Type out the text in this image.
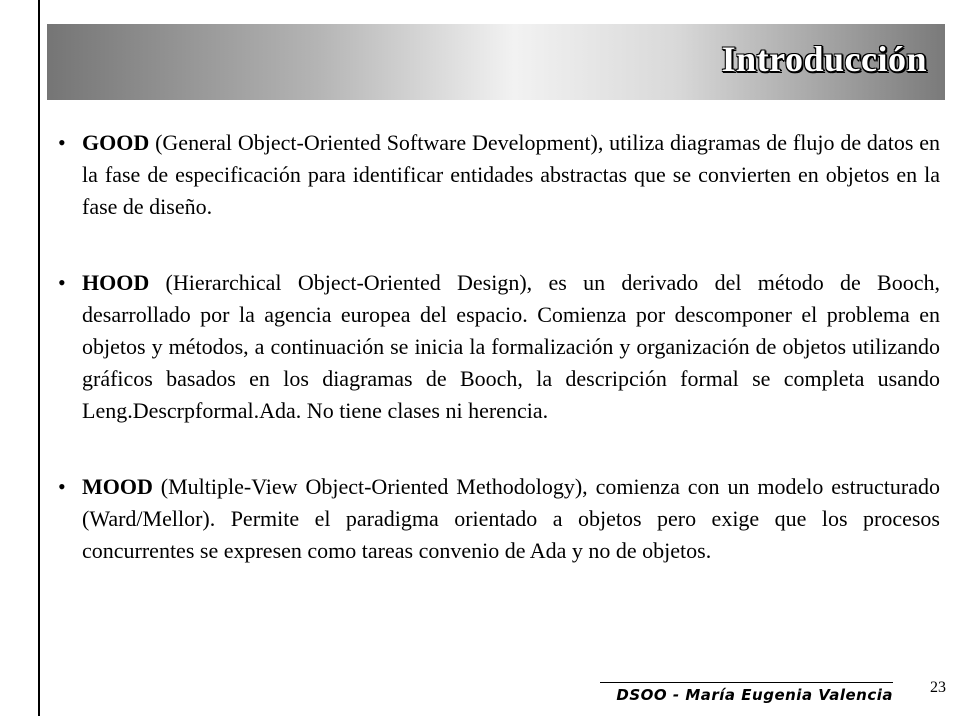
Introducción
• GOOD (General Object-Oriented Software Development), utiliza diagramas de flujo de datos en la fase de especificación para identificar entidades abstractas que se convierten en objetos en la fase de diseño.
• HOOD (Hierarchical Object-Oriented Design), es un derivado del método de Booch, desarrollado por la agencia europea del espacio. Comienza por descomponer el problema en objetos y métodos, a continuación se inicia la formalización y organización de objetos utilizando gráficos basados en los diagramas de Booch, la descripción formal se completa usando Leng.Descrpformal.Ada. No tiene clases ni herencia.
• MOOD (Multiple-View Object-Oriented Methodology), comienza con un modelo estructurado (Ward/Mellor). Permite el paradigma orientado a objetos pero exige que los procesos concurrentes se expresen como tareas convenio de Ada y no de objetos.
DSOO - María Eugenia Valencia 23
